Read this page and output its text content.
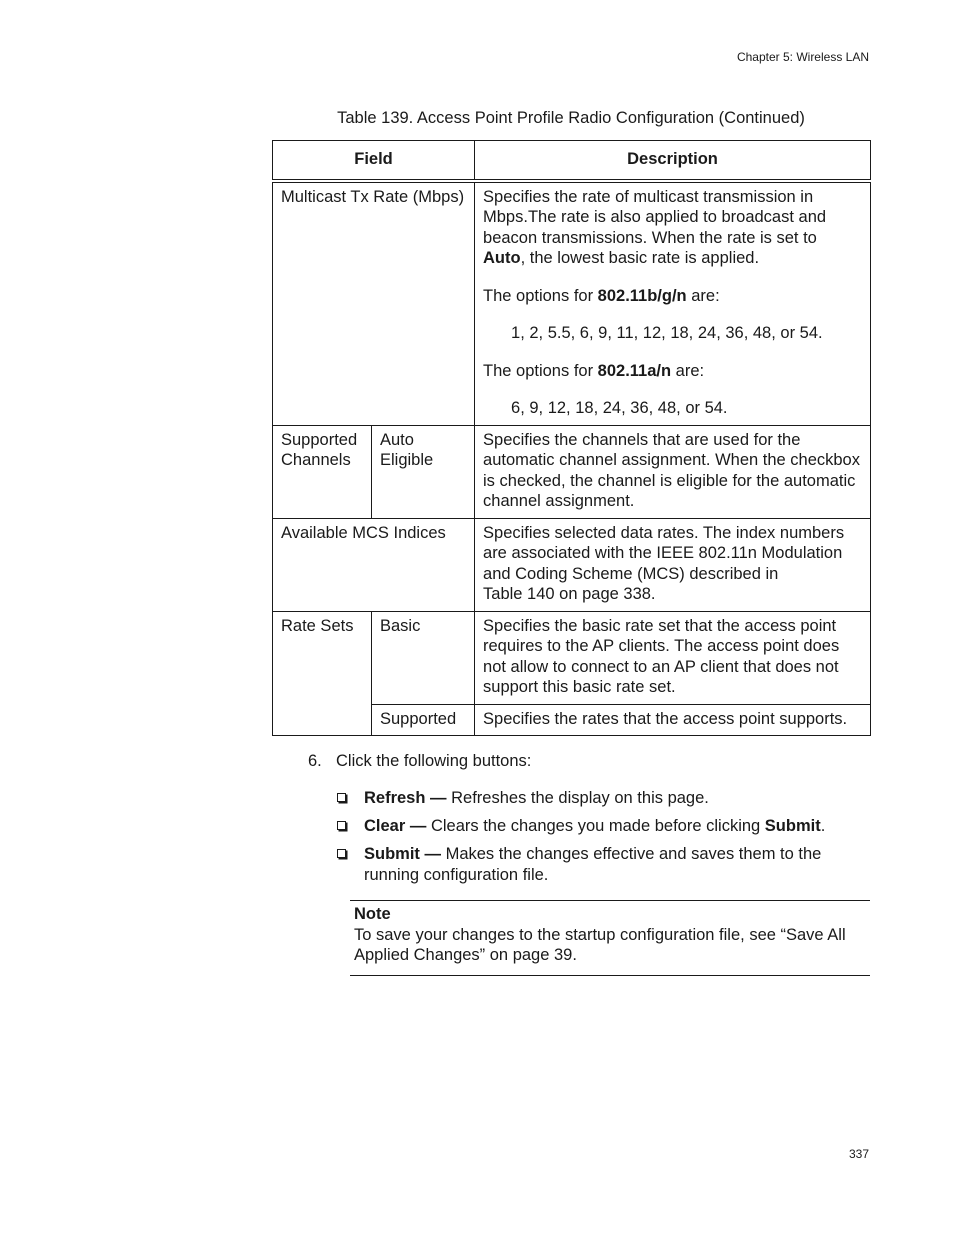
Chapter 5: Wireless LAN
Table 139. Access Point Profile Radio Configuration (Continued)
Field		Description
Multicast Tx Rate (Mbps)		Specifies the rate of multicast transmission in Mbps.The rate is also applied to broadcast and beacon transmissions. When the rate is set to Auto, the lowest basic rate is applied.

The options for 802.11b/g/n are:

1, 2, 5.5, 6, 9, 11, 12, 18, 24, 36, 48, or 54.

The options for 802.11a/n are:

6, 9, 12, 18, 24, 36, 48, or 54.

Supported Channels	Auto Eligible	Specifies the channels that are used for the automatic channel assignment. When the checkbox is checked, the channel is eligible for the automatic channel assignment.
Available MCS Indices		Specifies selected data rates. The index numbers are associated with the IEEE 802.11n Modulation and Coding Scheme (MCS) described in
Table 140 on page 338.
Rate Sets	Basic	Specifies the basic rate set that the access point requires to the AP clients. The access point does not allow to connect to an AP client that does not support this basic rate set.
	Supported	Specifies the rates that the access point supports.
6. Click the following buttons:
Refresh — Refreshes the display on this page.
Clear — Clears the changes you made before clicking Submit.
Submit — Makes the changes effective and saves them to the running configuration file.
Note
To save your changes to the startup configuration file, see “Save All Applied Changes” on page 39.
337
